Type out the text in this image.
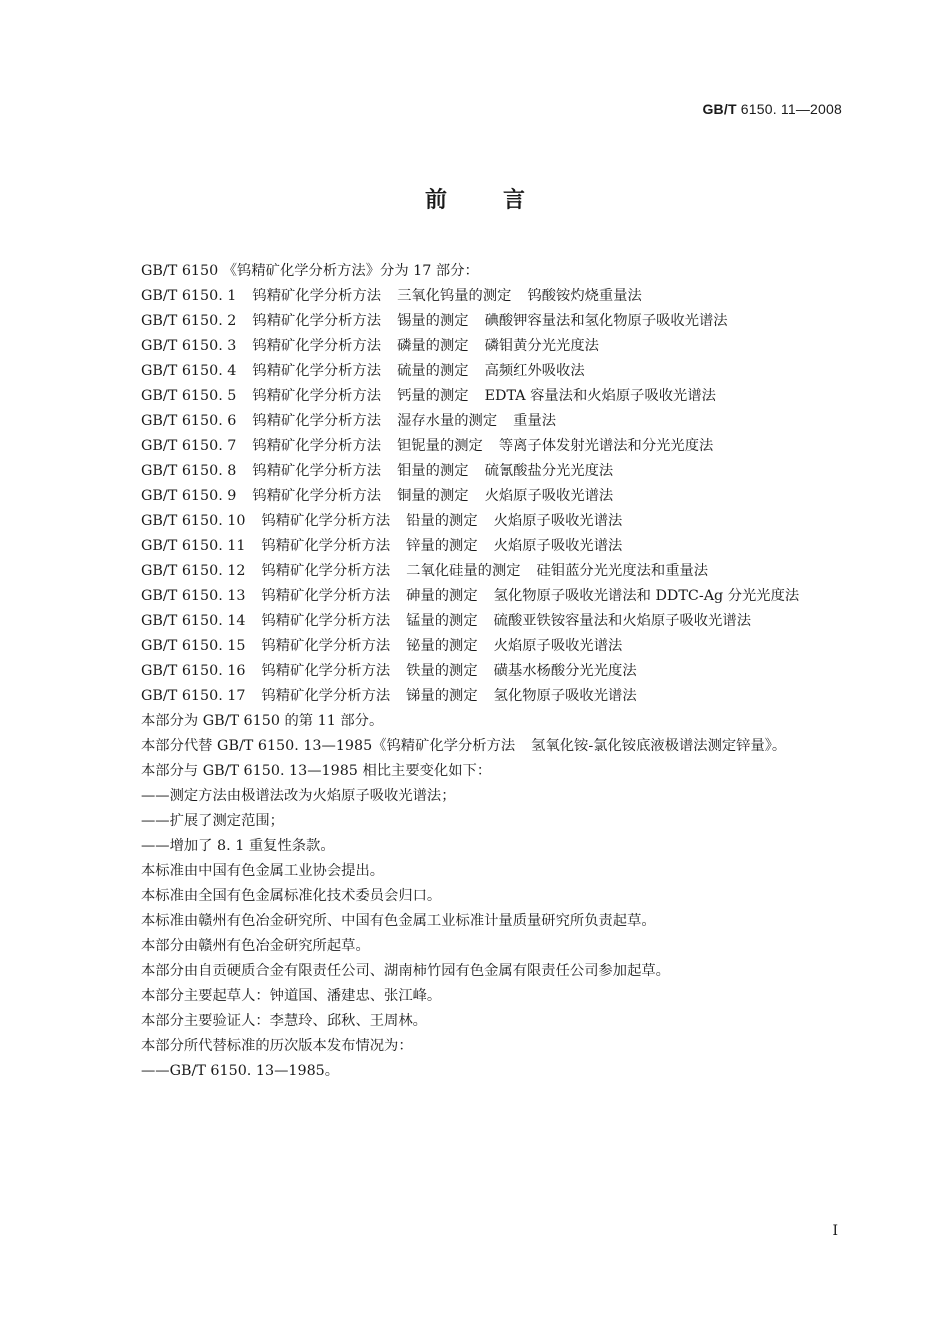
GB/T 6150. 11—2008
前	言

GB/T 6150 《钨精矿化学分析方法》分为 17 部分：

GB/T 6150. 1 钨精矿化学分析方法 三氧化钨量的测定 钨酸铵灼烧重量法

GB/T 6150. 2 钨精矿化学分析方法 锡量的测定 碘酸钾容量法和氢化物原子吸收光谱法

GB/T 6150. 3 钨精矿化学分析方法 磷量的测定 磷钼黄分光光度法

GB/T 6150. 4 钨精矿化学分析方法 硫量的测定 高频红外吸收法

GB/T 6150. 5 钨精矿化学分析方法 钙量的测定 EDTA 容量法和火焰原子吸收光谱法

GB/T 6150. 6 钨精矿化学分析方法 湿存水量的测定 重量法

GB/T 6150. 7 钨精矿化学分析方法 钽铌量的测定 等离子体发射光谱法和分光光度法

GB/T 6150. 8 钨精矿化学分析方法 钼量的测定 硫氰酸盐分光光度法

GB/T 6150. 9 钨精矿化学分析方法 铜量的测定 火焰原子吸收光谱法

GB/T 6150. 10 钨精矿化学分析方法 铅量的测定 火焰原子吸收光谱法

GB/T 6150. 11 钨精矿化学分析方法 锌量的测定 火焰原子吸收光谱法

GB/T 6150. 12 钨精矿化学分析方法 二氧化硅量的测定 硅钼蓝分光光度法和重量法

GB/T 6150. 13 钨精矿化学分析方法 砷量的测定 氢化物原子吸收光谱法和 DDTC-Ag 分光光度法

GB/T 6150. 14 钨精矿化学分析方法 锰量的测定 硫酸亚铁铵容量法和火焰原子吸收光谱法

GB/T 6150. 15 钨精矿化学分析方法 铋量的测定 火焰原子吸收光谱法

GB/T 6150. 16 钨精矿化学分析方法 铁量的测定 磺基水杨酸分光光度法

GB/T 6150. 17 钨精矿化学分析方法 锑量的测定 氢化物原子吸收光谱法

本部分为 GB/T 6150 的第 11 部分。

本部分代替 GB/T 6150. 13—1985《钨精矿化学分析方法 氢氧化铵-氯化铵底液极谱法测定锌量》。

本部分与 GB/T 6150. 13—1985 相比主要变化如下：

——测定方法由极谱法改为火焰原子吸收光谱法；

——扩展了测定范围；

——增加了 8. 1 重复性条款。

本标准由中国有色金属工业协会提出。

本标准由全国有色金属标准化技术委员会归口。

本标准由赣州有色冶金研究所、中国有色金属工业标准计量质量研究所负责起草。

本部分由赣州有色冶金研究所起草。

本部分由自贡硬质合金有限责任公司、湖南柿竹园有色金属有限责任公司参加起草。

本部分主要起草人：钟道国、潘建忠、张江峰。

本部分主要验证人：李慧玲、邱秋、王周林。

本部分所代替标准的历次版本发布情况为：

——GB/T 6150. 13—1985。

I
